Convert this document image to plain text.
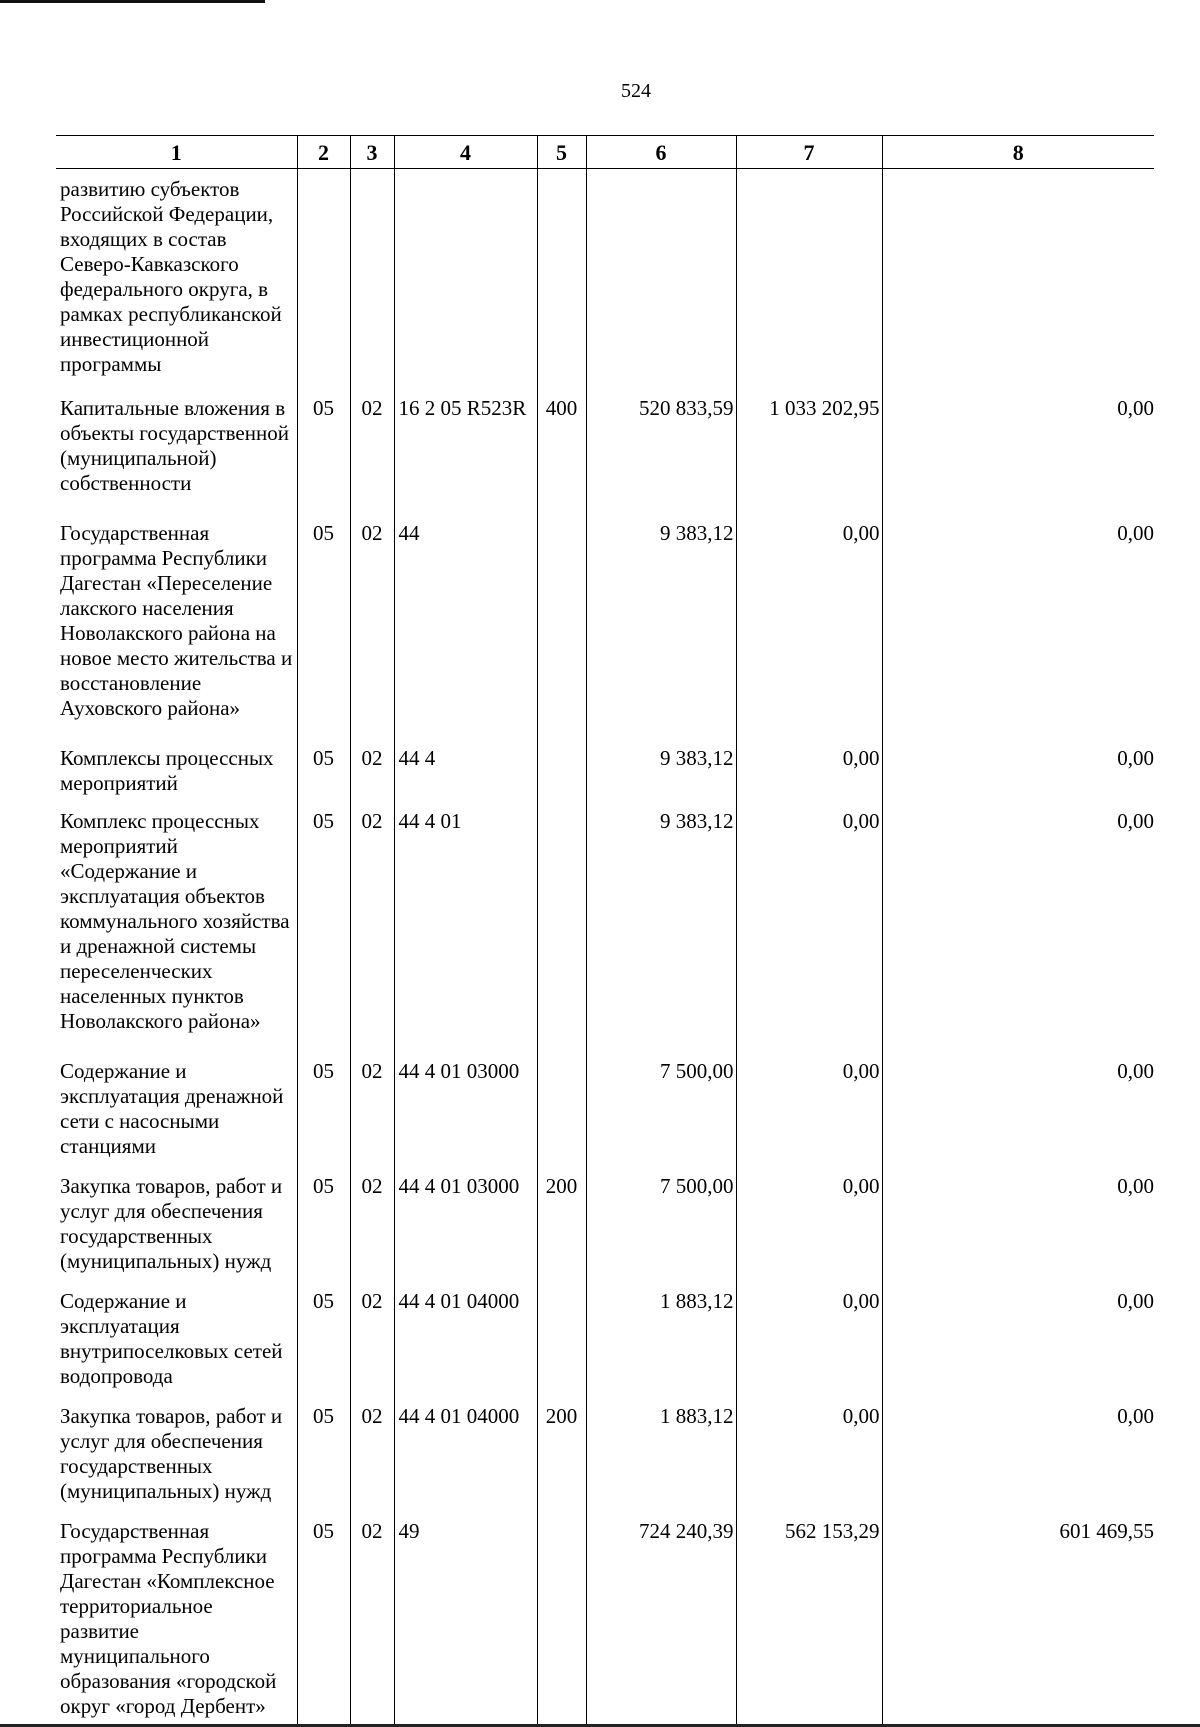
524
1	2	3	4	5	6	7	8
развитию субъектов Российской Федерации, входящих в состав Северо-Кавказского федерального округа, в рамках республиканской инвестиционной программы							
Капитальные вложения в объекты государственной (муниципальной) собственности	05	02	16 2 05 R523R	400	520 833,59	1 033 202,95	0,00
Государственная программа Республики Дагестан «Переселение лакского населения Новолакского района на новое место жительства и восстановление Ауховского района»	05	02	44		9 383,12	0,00	0,00
Комплексы процессных мероприятий	05	02	44 4		9 383,12	0,00	0,00
Комплекс процессных мероприятий «Содержание и эксплуатация объектов коммунального хозяйства и дренажной системы переселенческих населенных пунктов Новолакского района»	05	02	44 4 01		9 383,12	0,00	0,00
Содержание и эксплуатация дренажной сети с насосными станциями	05	02	44 4 01 03000		7 500,00	0,00	0,00
Закупка товаров, работ и услуг для обеспечения государственных (муниципальных) нужд	05	02	44 4 01 03000	200	7 500,00	0,00	0,00
Содержание и эксплуатация внутрипоселковых сетей водопровода	05	02	44 4 01 04000		1 883,12	0,00	0,00
Закупка товаров, работ и услуг для обеспечения государственных (муниципальных) нужд	05	02	44 4 01 04000	200	1 883,12	0,00	0,00
Государственная программа Республики Дагестан «Комплексное территориальное развитие муниципального образования «городской округ «город Дербент»	05	02	49		724 240,39	562 153,29	601 469,55
